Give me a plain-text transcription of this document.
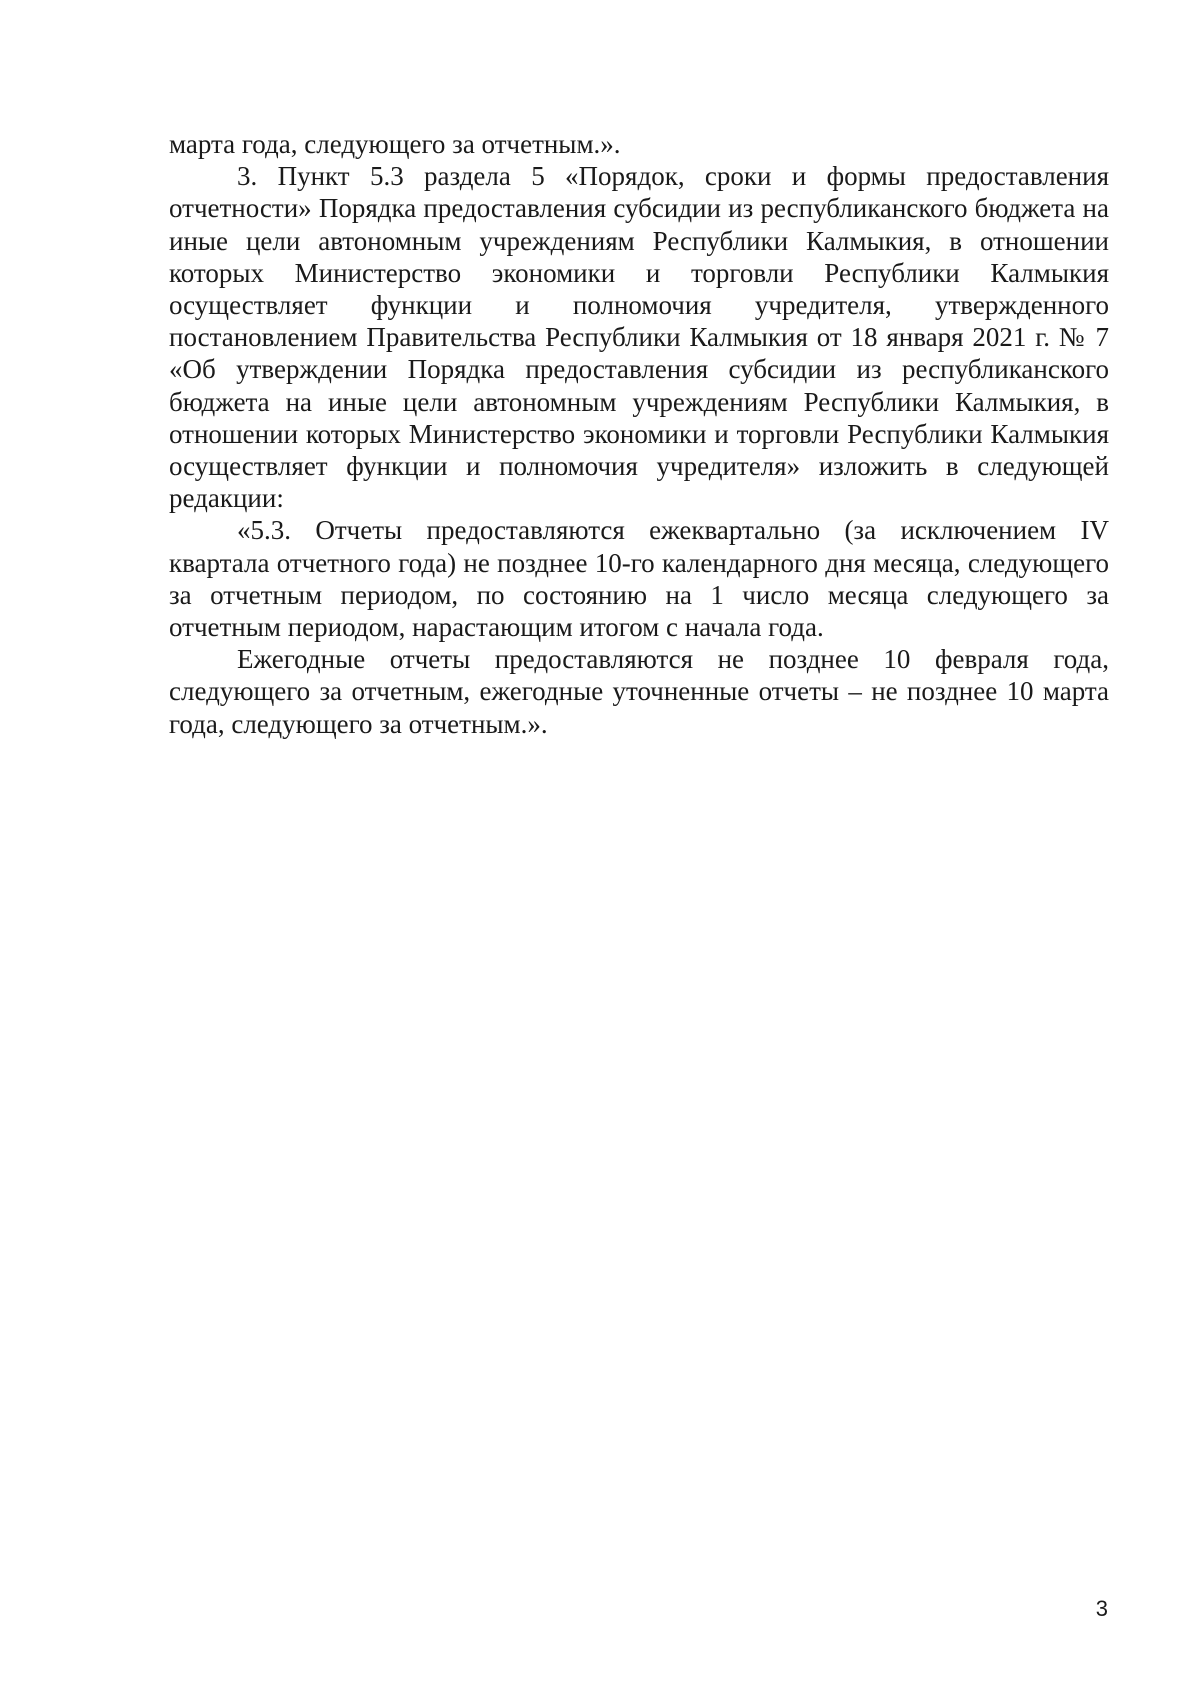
марта года, следующего за отчетным.».

3. Пункт 5.3 раздела 5 «Порядок, сроки и формы предоставления отчетности» Порядка предоставления субсидии из республиканского бюджета на иные цели автономным учреждениям Республики Калмыкия, в отношении которых Министерство экономики и торговли Республики Калмыкия осуществляет функции и полномочия учредителя, утвержденного постановлением Правительства Республики Калмыкия от 18 января 2021 г. № 7 «Об утверждении Порядка предоставления субсидии из республиканского бюджета на иные цели автономным учреждениям Республики Калмыкия, в отношении которых Министерство экономики и торговли Республики Калмыкия осуществляет функции и полномочия учредителя» изложить в следующей редакции:

«5.3. Отчеты предоставляются ежеквартально (за исключением IV квартала отчетного года) не позднее 10-го календарного дня месяца, следующего за отчетным периодом, по состоянию на 1 число месяца следующего за отчетным периодом, нарастающим итогом с начала года.

Ежегодные отчеты предоставляются не позднее 10 февраля года, следующего за отчетным, ежегодные уточненные отчеты – не позднее 10 марта года, следующего за отчетным.».

3
